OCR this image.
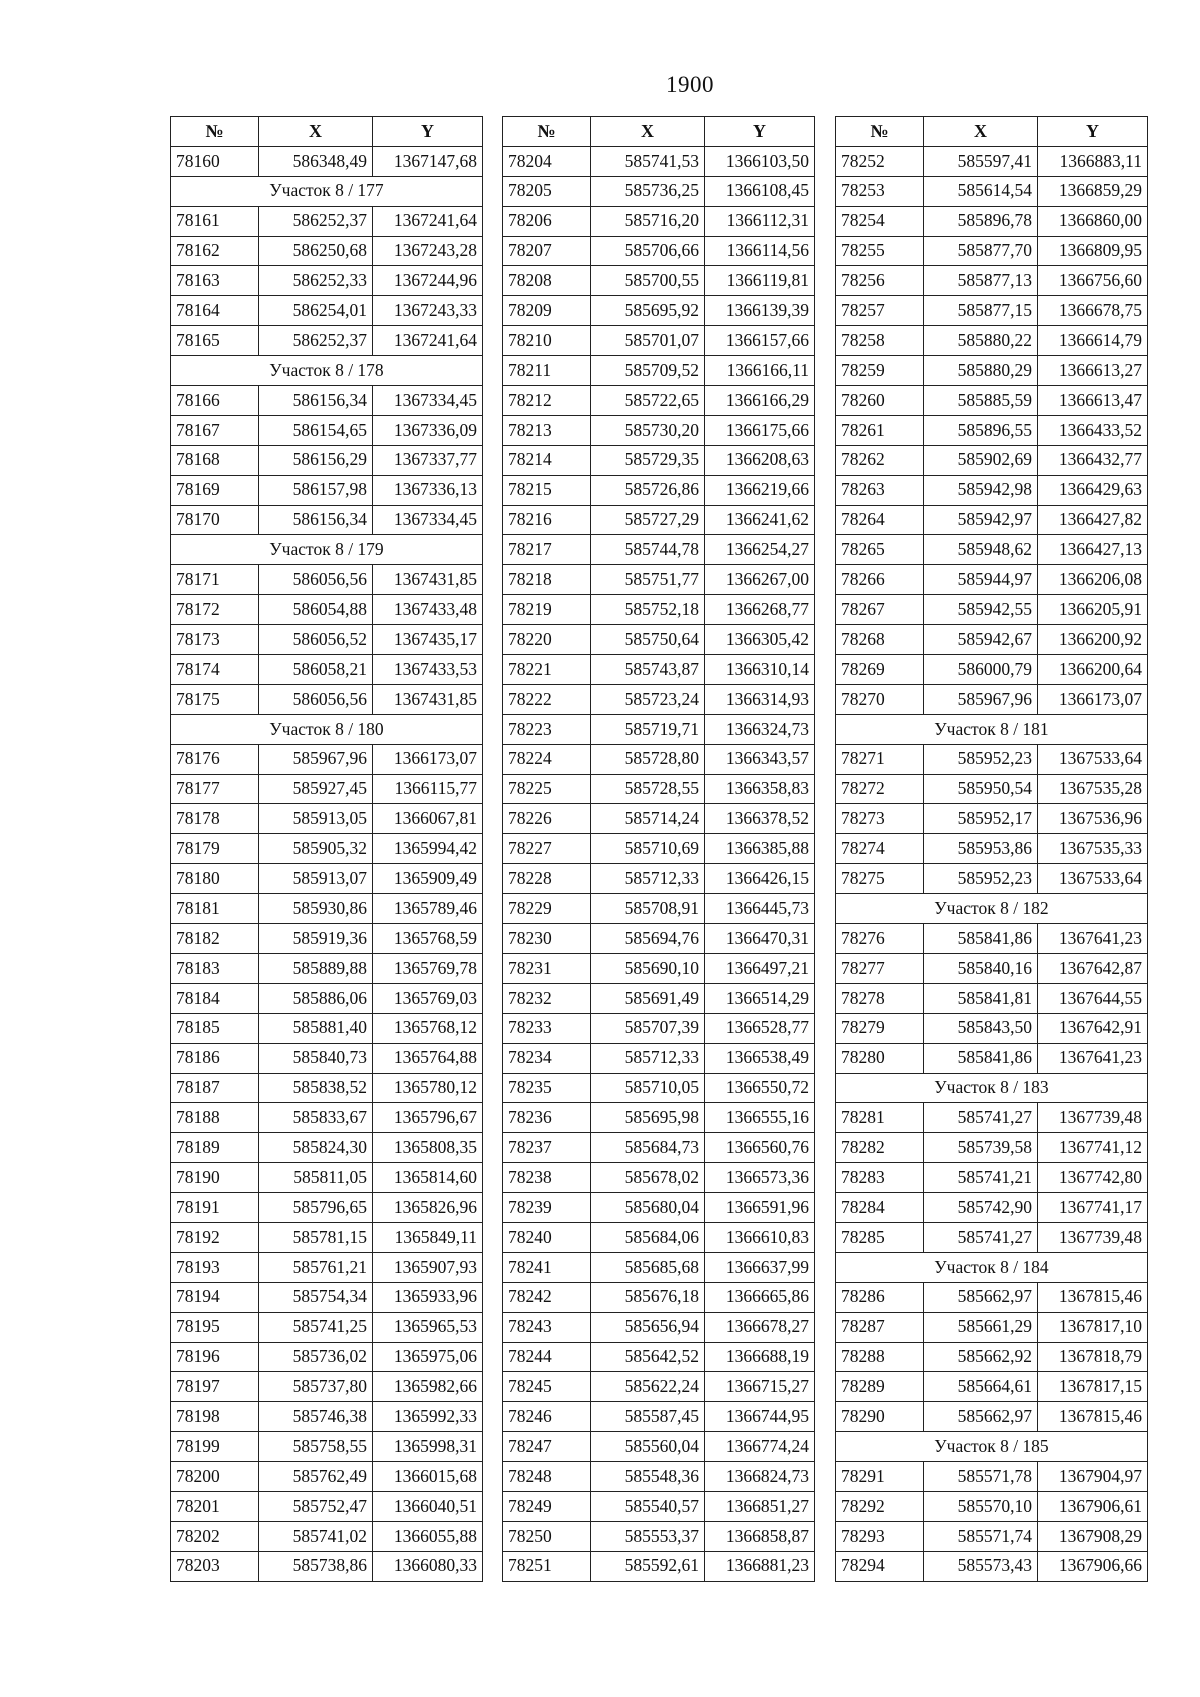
1900
№	X	Y
78160	586348,49	1367147,68
Участок 8 / 177		
78161	586252,37	1367241,64
78162	586250,68	1367243,28
78163	586252,33	1367244,96
78164	586254,01	1367243,33
78165	586252,37	1367241,64
Участок 8 / 178		
78166	586156,34	1367334,45
78167	586154,65	1367336,09
78168	586156,29	1367337,77
78169	586157,98	1367336,13
78170	586156,34	1367334,45
Участок 8 / 179		
78171	586056,56	1367431,85
78172	586054,88	1367433,48
78173	586056,52	1367435,17
78174	586058,21	1367433,53
78175	586056,56	1367431,85
Участок 8 / 180		
78176	585967,96	1366173,07
78177	585927,45	1366115,77
78178	585913,05	1366067,81
78179	585905,32	1365994,42
78180	585913,07	1365909,49
78181	585930,86	1365789,46
78182	585919,36	1365768,59
78183	585889,88	1365769,78
78184	585886,06	1365769,03
78185	585881,40	1365768,12
78186	585840,73	1365764,88
78187	585838,52	1365780,12
78188	585833,67	1365796,67
78189	585824,30	1365808,35
78190	585811,05	1365814,60
78191	585796,65	1365826,96
78192	585781,15	1365849,11
78193	585761,21	1365907,93
78194	585754,34	1365933,96
78195	585741,25	1365965,53
78196	585736,02	1365975,06
78197	585737,80	1365982,66
78198	585746,38	1365992,33
78199	585758,55	1365998,31
78200	585762,49	1366015,68
78201	585752,47	1366040,51
78202	585741,02	1366055,88
78203	585738,86	1366080,33
№	X	Y
78204	585741,53	1366103,50
78205	585736,25	1366108,45
78206	585716,20	1366112,31
78207	585706,66	1366114,56
78208	585700,55	1366119,81
78209	585695,92	1366139,39
78210	585701,07	1366157,66
78211	585709,52	1366166,11
78212	585722,65	1366166,29
78213	585730,20	1366175,66
78214	585729,35	1366208,63
78215	585726,86	1366219,66
78216	585727,29	1366241,62
78217	585744,78	1366254,27
78218	585751,77	1366267,00
78219	585752,18	1366268,77
78220	585750,64	1366305,42
78221	585743,87	1366310,14
78222	585723,24	1366314,93
78223	585719,71	1366324,73
78224	585728,80	1366343,57
78225	585728,55	1366358,83
78226	585714,24	1366378,52
78227	585710,69	1366385,88
78228	585712,33	1366426,15
78229	585708,91	1366445,73
78230	585694,76	1366470,31
78231	585690,10	1366497,21
78232	585691,49	1366514,29
78233	585707,39	1366528,77
78234	585712,33	1366538,49
78235	585710,05	1366550,72
78236	585695,98	1366555,16
78237	585684,73	1366560,76
78238	585678,02	1366573,36
78239	585680,04	1366591,96
78240	585684,06	1366610,83
78241	585685,68	1366637,99
78242	585676,18	1366665,86
78243	585656,94	1366678,27
78244	585642,52	1366688,19
78245	585622,24	1366715,27
78246	585587,45	1366744,95
78247	585560,04	1366774,24
78248	585548,36	1366824,73
78249	585540,57	1366851,27
78250	585553,37	1366858,87
78251	585592,61	1366881,23
№	X	Y
78252	585597,41	1366883,11
78253	585614,54	1366859,29
78254	585896,78	1366860,00
78255	585877,70	1366809,95
78256	585877,13	1366756,60
78257	585877,15	1366678,75
78258	585880,22	1366614,79
78259	585880,29	1366613,27
78260	585885,59	1366613,47
78261	585896,55	1366433,52
78262	585902,69	1366432,77
78263	585942,98	1366429,63
78264	585942,97	1366427,82
78265	585948,62	1366427,13
78266	585944,97	1366206,08
78267	585942,55	1366205,91
78268	585942,67	1366200,92
78269	586000,79	1366200,64
78270	585967,96	1366173,07
Участок 8 / 181		
78271	585952,23	1367533,64
78272	585950,54	1367535,28
78273	585952,17	1367536,96
78274	585953,86	1367535,33
78275	585952,23	1367533,64
Участок 8 / 182		
78276	585841,86	1367641,23
78277	585840,16	1367642,87
78278	585841,81	1367644,55
78279	585843,50	1367642,91
78280	585841,86	1367641,23
Участок 8 / 183		
78281	585741,27	1367739,48
78282	585739,58	1367741,12
78283	585741,21	1367742,80
78284	585742,90	1367741,17
78285	585741,27	1367739,48
Участок 8 / 184		
78286	585662,97	1367815,46
78287	585661,29	1367817,10
78288	585662,92	1367818,79
78289	585664,61	1367817,15
78290	585662,97	1367815,46
Участок 8 / 185		
78291	585571,78	1367904,97
78292	585570,10	1367906,61
78293	585571,74	1367908,29
78294	585573,43	1367906,66
